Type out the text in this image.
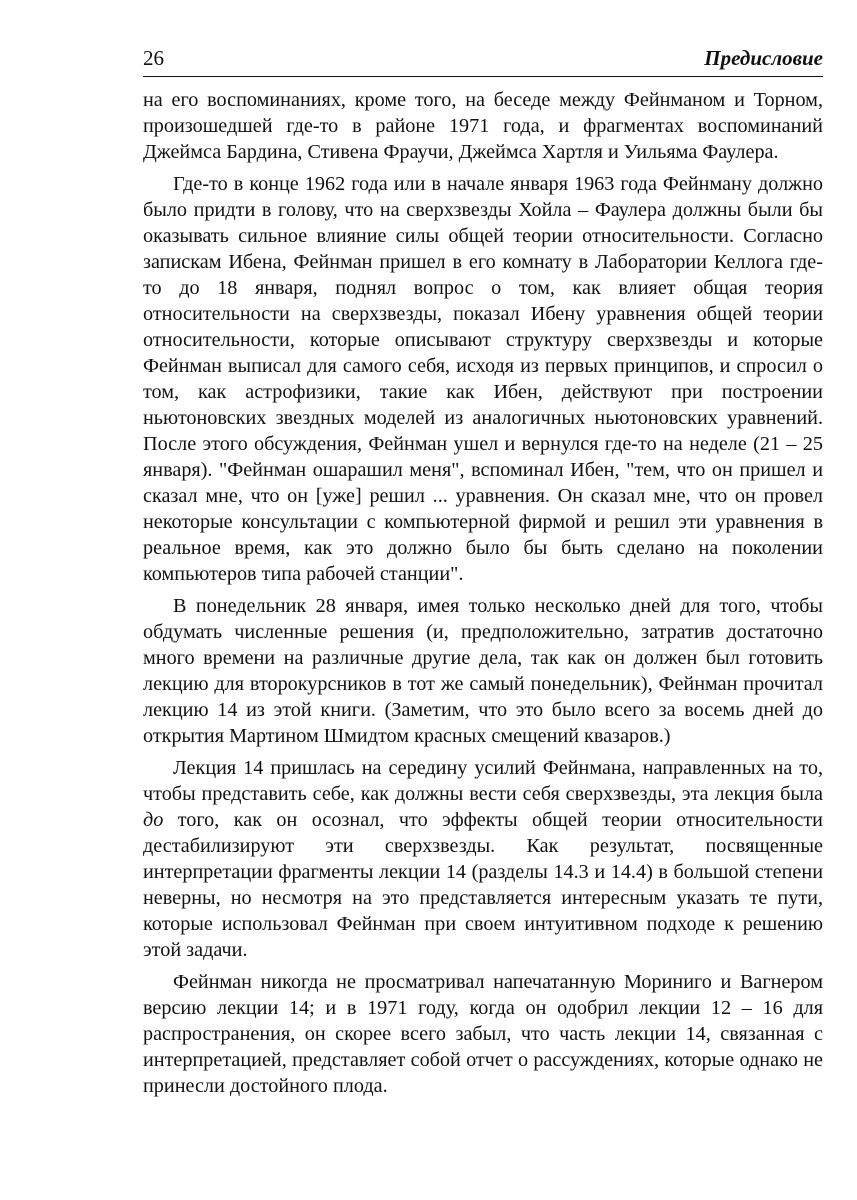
26	Предисловие

на его воспоминаниях, кроме того, на беседе между Фейнманом и Торном, произошедшей где-то в районе 1971 года, и фрагментах воспоминаний Джеймса Бардина, Стивена Фраучи, Джеймса Хартля и Уильяма Фаулера.

Где-то в конце 1962 года или в начале января 1963 года Фейнману должно было придти в голову, что на сверхзвезды Хойла – Фаулера должны были бы оказывать сильное влияние силы общей теории относительности. Согласно запискам Ибена, Фейнман пришел в его комнату в Лаборатории Келлога где-то до 18 января, поднял вопрос о том, как влияет общая теория относительности на сверхзвезды, показал Ибену уравнения общей теории относительности, которые описывают структуру сверхзвезды и которые Фейнман выписал для самого себя, исходя из первых принципов, и спросил о том, как астрофизики, такие как Ибен, действуют при построении ньютоновских звездных моделей из аналогичных ньютоновских уравнений. После этого обсуждения, Фейнман ушел и вернулся где-то на неделе (21 – 25 января). "Фейнман ошарашил меня", вспоминал Ибен, "тем, что он пришел и сказал мне, что он [уже] решил ... уравнения. Он сказал мне, что он провел некоторые консультации с компьютерной фирмой и решил эти уравнения в реальное время, как это должно было бы быть сделано на поколении компьютеров типа рабочей станции".

В понедельник 28 января, имея только несколько дней для того, чтобы обдумать численные решения (и, предположительно, затратив достаточно много времени на различные другие дела, так как он должен был готовить лекцию для второкурсников в тот же самый понедельник), Фейнман прочитал лекцию 14 из этой книги. (Заметим, что это было всего за восемь дней до открытия Мартином Шмидтом красных смещений квазаров.)

Лекция 14 пришлась на середину усилий Фейнмана, направленных на то, чтобы представить себе, как должны вести себя сверхзвезды, эта лекция была до того, как он осознал, что эффекты общей теории относительности дестабилизируют эти сверхзвезды. Как результат, посвященные интерпретации фрагменты лекции 14 (разделы 14.3 и 14.4) в большой степени неверны, но несмотря на это представляется интересным указать те пути, которые использовал Фейнман при своем интуитивном подходе к решению этой задачи.

Фейнман никогда не просматривал напечатанную Мориниго и Вагнером версию лекции 14; и в 1971 году, когда он одобрил лекции 12 – 16 для распространения, он скорее всего забыл, что часть лекции 14, связанная с интерпретацией, представляет собой отчет о рассуждениях, которые однако не принесли достойного плода.
